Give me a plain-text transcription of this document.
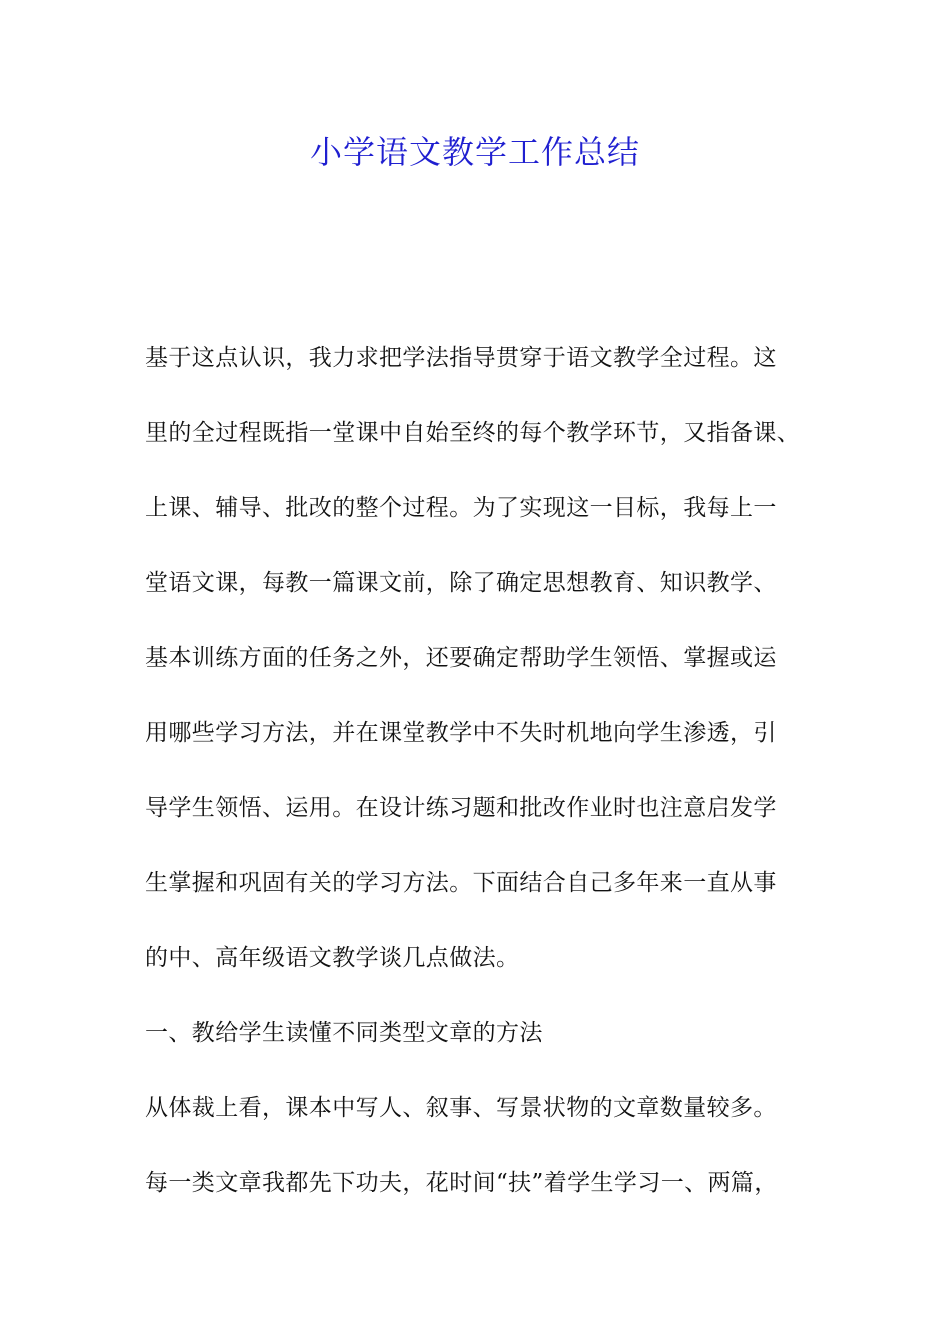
小学语文教学工作总结
基于这点认识，我力求把学法指导贯穿于语文教学全过程。这
里的全过程既指一堂课中自始至终的每个教学环节，又指备课、
上课、辅导、批改的整个过程。为了实现这一目标，我每上一
堂语文课，每教一篇课文前，除了确定思想教育、知识教学、
基本训练方面的任务之外，还要确定帮助学生领悟、掌握或运
用哪些学习方法，并在课堂教学中不失时机地向学生渗透，引
导学生领悟、运用。在设计练习题和批改作业时也注意启发学
生掌握和巩固有关的学习方法。下面结合自己多年来一直从事
的中、高年级语文教学谈几点做法。
一、教给学生读懂不同类型文章的方法
从体裁上看，课本中写人、叙事、写景状物的文章数量较多。
每一类文章我都先下功夫，花时间“扶”着学生学习一、两篇，
